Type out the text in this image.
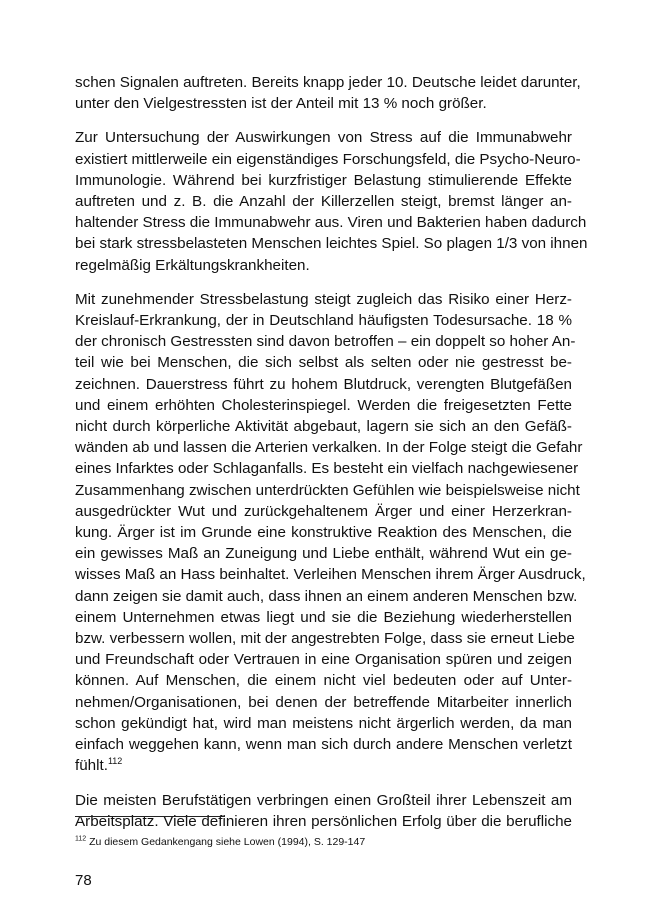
schen Signalen auftreten. Bereits knapp jeder 10. Deutsche leidet darunter,
unter den Vielgestressten ist der Anteil mit 13 % noch größer.

Zur Untersuchung der Auswirkungen von Stress auf die Immunabwehr
existiert mittlerweile ein eigenständiges Forschungsfeld, die Psycho-Neuro-
Immunologie. Während bei kurzfristiger Belastung stimulierende Effekte
auftreten und z. B. die Anzahl der Killerzellen steigt, bremst länger an-
haltender Stress die Immunabwehr aus. Viren und Bakterien haben dadurch
bei stark stressbelasteten Menschen leichtes Spiel. So plagen 1/3 von ihnen
regelmäßig Erkältungskrankheiten.

Mit zunehmender Stressbelastung steigt zugleich das Risiko einer Herz-
Kreislauf-Erkrankung, der in Deutschland häufigsten Todesursache. 18 %
der chronisch Gestressten sind davon betroffen – ein doppelt so hoher An-
teil wie bei Menschen, die sich selbst als selten oder nie gestresst be-
zeichnen. Dauerstress führt zu hohem Blutdruck, verengten Blutgefäßen
und einem erhöhten Cholesterinspiegel. Werden die freigesetzten Fette
nicht durch körperliche Aktivität abgebaut, lagern sie sich an den Gefäß-
wänden ab und lassen die Arterien verkalken. In der Folge steigt die Gefahr
eines Infarktes oder Schlaganfalls. Es besteht ein vielfach nachgewiesener
Zusammenhang zwischen unterdrückten Gefühlen wie beispielsweise nicht
ausgedrückter Wut und zurückgehaltenem Ärger und einer Herzerkran-
kung. Ärger ist im Grunde eine konstruktive Reaktion des Menschen, die
ein gewisses Maß an Zuneigung und Liebe enthält, während Wut ein ge-
wisses Maß an Hass beinhaltet. Verleihen Menschen ihrem Ärger Ausdruck,
dann zeigen sie damit auch, dass ihnen an einem anderen Menschen bzw.
einem Unternehmen etwas liegt und sie die Beziehung wiederherstellen
bzw. verbessern wollen, mit der angestrebten Folge, dass sie erneut Liebe
und Freundschaft oder Vertrauen in eine Organisation spüren und zeigen
können. Auf Menschen, die einem nicht viel bedeuten oder auf Unter-
nehmen/Organisationen, bei denen der betreffende Mitarbeiter innerlich
schon gekündigt hat, wird man meistens nicht ärgerlich werden, da man
einfach weggehen kann, wenn man sich durch andere Menschen verletzt
fühlt.$^{112}$

Die meisten Berufstätigen verbringen einen Großteil ihrer Lebenszeit am
Arbeitsplatz. Viele definieren ihren persönlichen Erfolg über die berufliche

$^{112}$ Zu diesem Gedankengang siehe Lowen (1994), S. 129-147
78
